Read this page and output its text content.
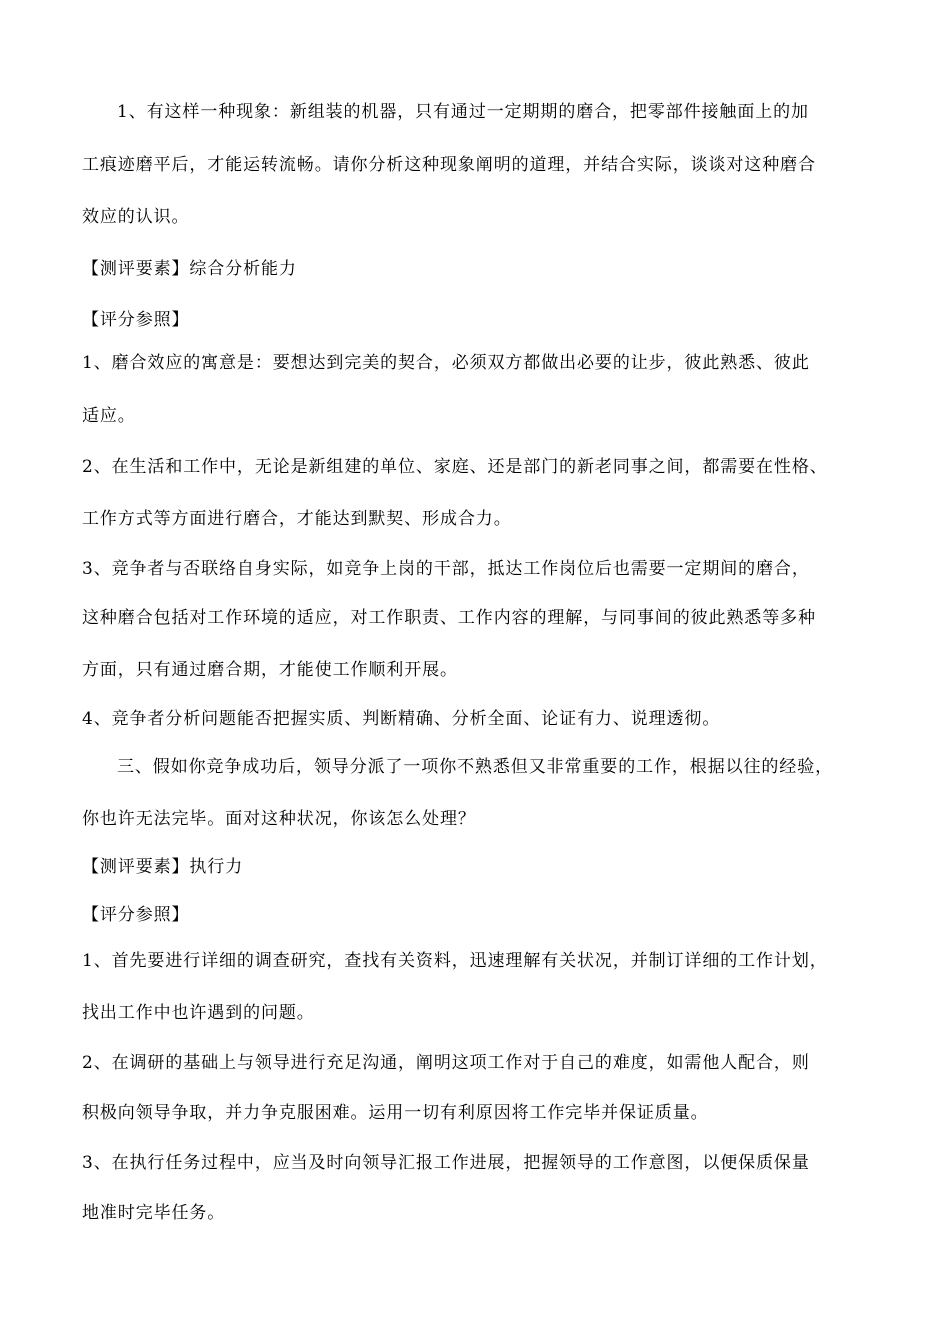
1、有这样一种现象：新组装的机器，只有通过一定期期的磨合，把零部件接触面上的加
工痕迹磨平后，才能运转流畅。请你分析这种现象阐明的道理，并结合实际，谈谈对这种磨合
效应的认识。
【测评要素】综合分析能力
【评分参照】
1、磨合效应的寓意是：要想达到完美的契合，必须双方都做出必要的让步，彼此熟悉、彼此
适应。
2、在生活和工作中，无论是新组建的单位、家庭、还是部门的新老同事之间，都需要在性格、
工作方式等方面进行磨合，才能达到默契、形成合力。
3、竞争者与否联络自身实际，如竞争上岗的干部，抵达工作岗位后也需要一定期间的磨合，
这种磨合包括对工作环境的适应，对工作职责、工作内容的理解，与同事间的彼此熟悉等多种
方面，只有通过磨合期，才能使工作顺利开展。
4、竞争者分析问题能否把握实质、判断精确、分析全面、论证有力、说理透彻。
三、假如你竞争成功后，领导分派了一项你不熟悉但又非常重要的工作，根据以往的经验，
你也许无法完毕。面对这种状况，你该怎么处理？
【测评要素】执行力
【评分参照】
1、首先要进行详细的调查研究，查找有关资料，迅速理解有关状况，并制订详细的工作计划，
找出工作中也许遇到的问题。
2、在调研的基础上与领导进行充足沟通，阐明这项工作对于自己的难度，如需他人配合，则
积极向领导争取，并力争克服困难。运用一切有利原因将工作完毕并保证质量。
3、在执行任务过程中，应当及时向领导汇报工作进展，把握领导的工作意图，以便保质保量
地准时完毕任务。
